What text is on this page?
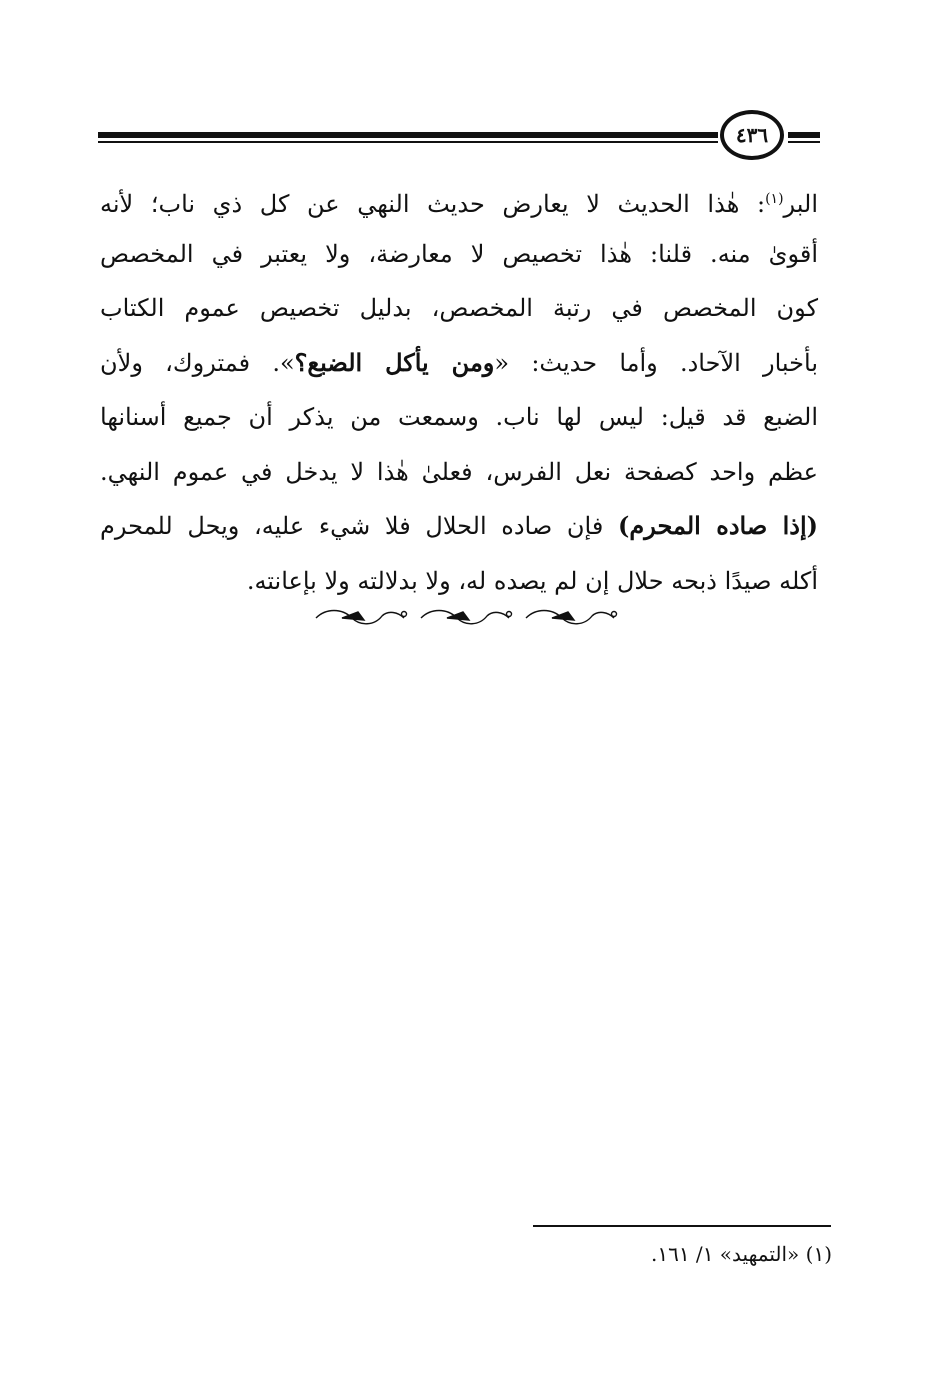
٤٣٦
البر$^{(١)}$: هٰذا الحديث لا يعارض حديث النهي عن كل ذي ناب؛ لأنه
أقوىٰ منه. قلنا: هٰذا تخصيص لا معارضة، ولا يعتبر في المخصص
كون المخصص في رتبة المخصص، بدليل تخصيص عموم الكتاب
بأخبار الآحاد. وأما حديث: «ومن يأكل الضبع؟». فمتروك، ولأن
الضبع قد قيل: ليس لها ناب. وسمعت من يذكر أن جميع أسنانها
عظم واحد كصفحة نعل الفرس، فعلىٰ هٰذا لا يدخل في عموم النهي.
(إذا صاده المحرم) فإن صاده الحلال فلا شيء عليه، ويحل للمحرم
أكله صيدًا ذبحه حلال إن لم يصده له، ولا بدلالته ولا بإعانته.
(١) «التمهيد» ١/ ١٦١.
